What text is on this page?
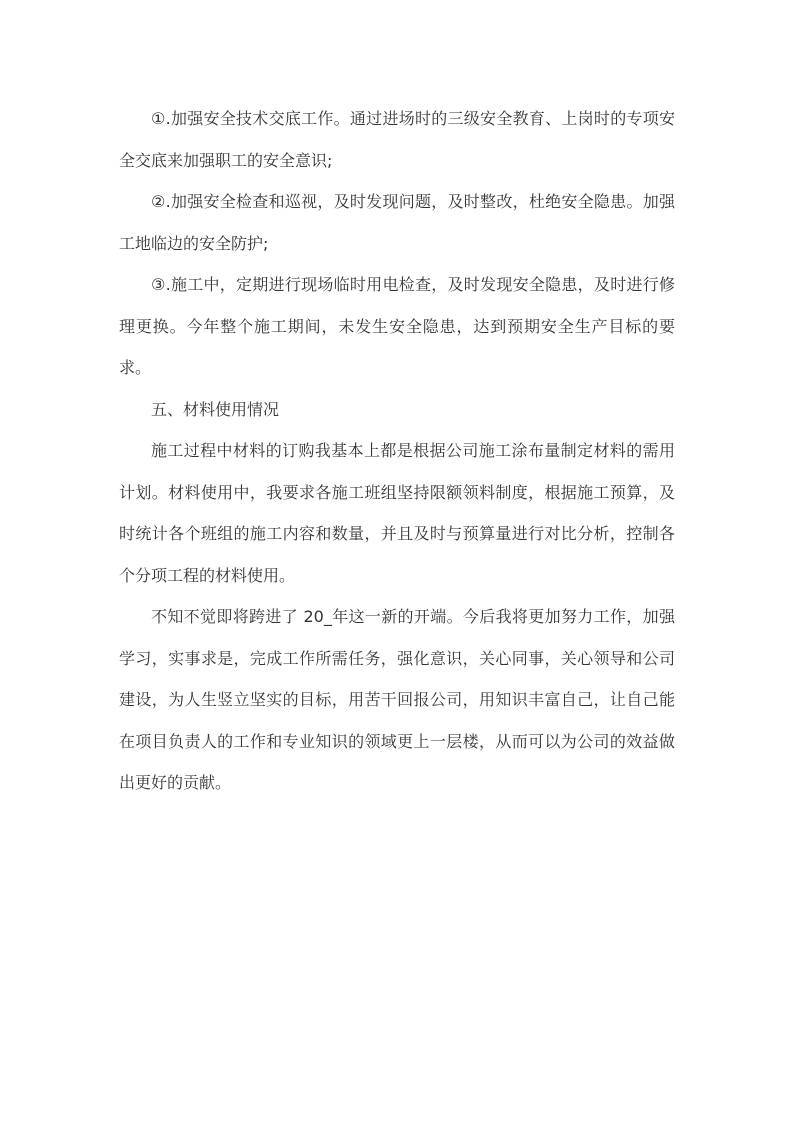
①.加强安全技术交底工作。通过进场时的三级安全教育、上岗时的专项安全交底来加强职工的安全意识;

②.加强安全检查和巡视，及时发现问题，及时整改，杜绝安全隐患。加强工地临边的安全防护;

③.施工中，定期进行现场临时用电检查，及时发现安全隐患，及时进行修理更换。今年整个施工期间，未发生安全隐患，达到预期安全生产目标的要求。

五、材料使用情况

施工过程中材料的订购我基本上都是根据公司施工涂布量制定材料的需用计划。材料使用中，我要求各施工班组坚持限额领料制度，根据施工预算，及时统计各个班组的施工内容和数量，并且及时与预算量进行对比分析，控制各个分项工程的材料使用。

不知不觉即将跨进了 20_年这一新的开端。今后我将更加努力工作，加强学习，实事求是，完成工作所需任务，强化意识，关心同事，关心领导和公司建设，为人生竖立坚实的目标，用苦干回报公司，用知识丰富自己，让自己能在项目负责人的工作和专业知识的领域更上一层楼，从而可以为公司的效益做出更好的贡献。
